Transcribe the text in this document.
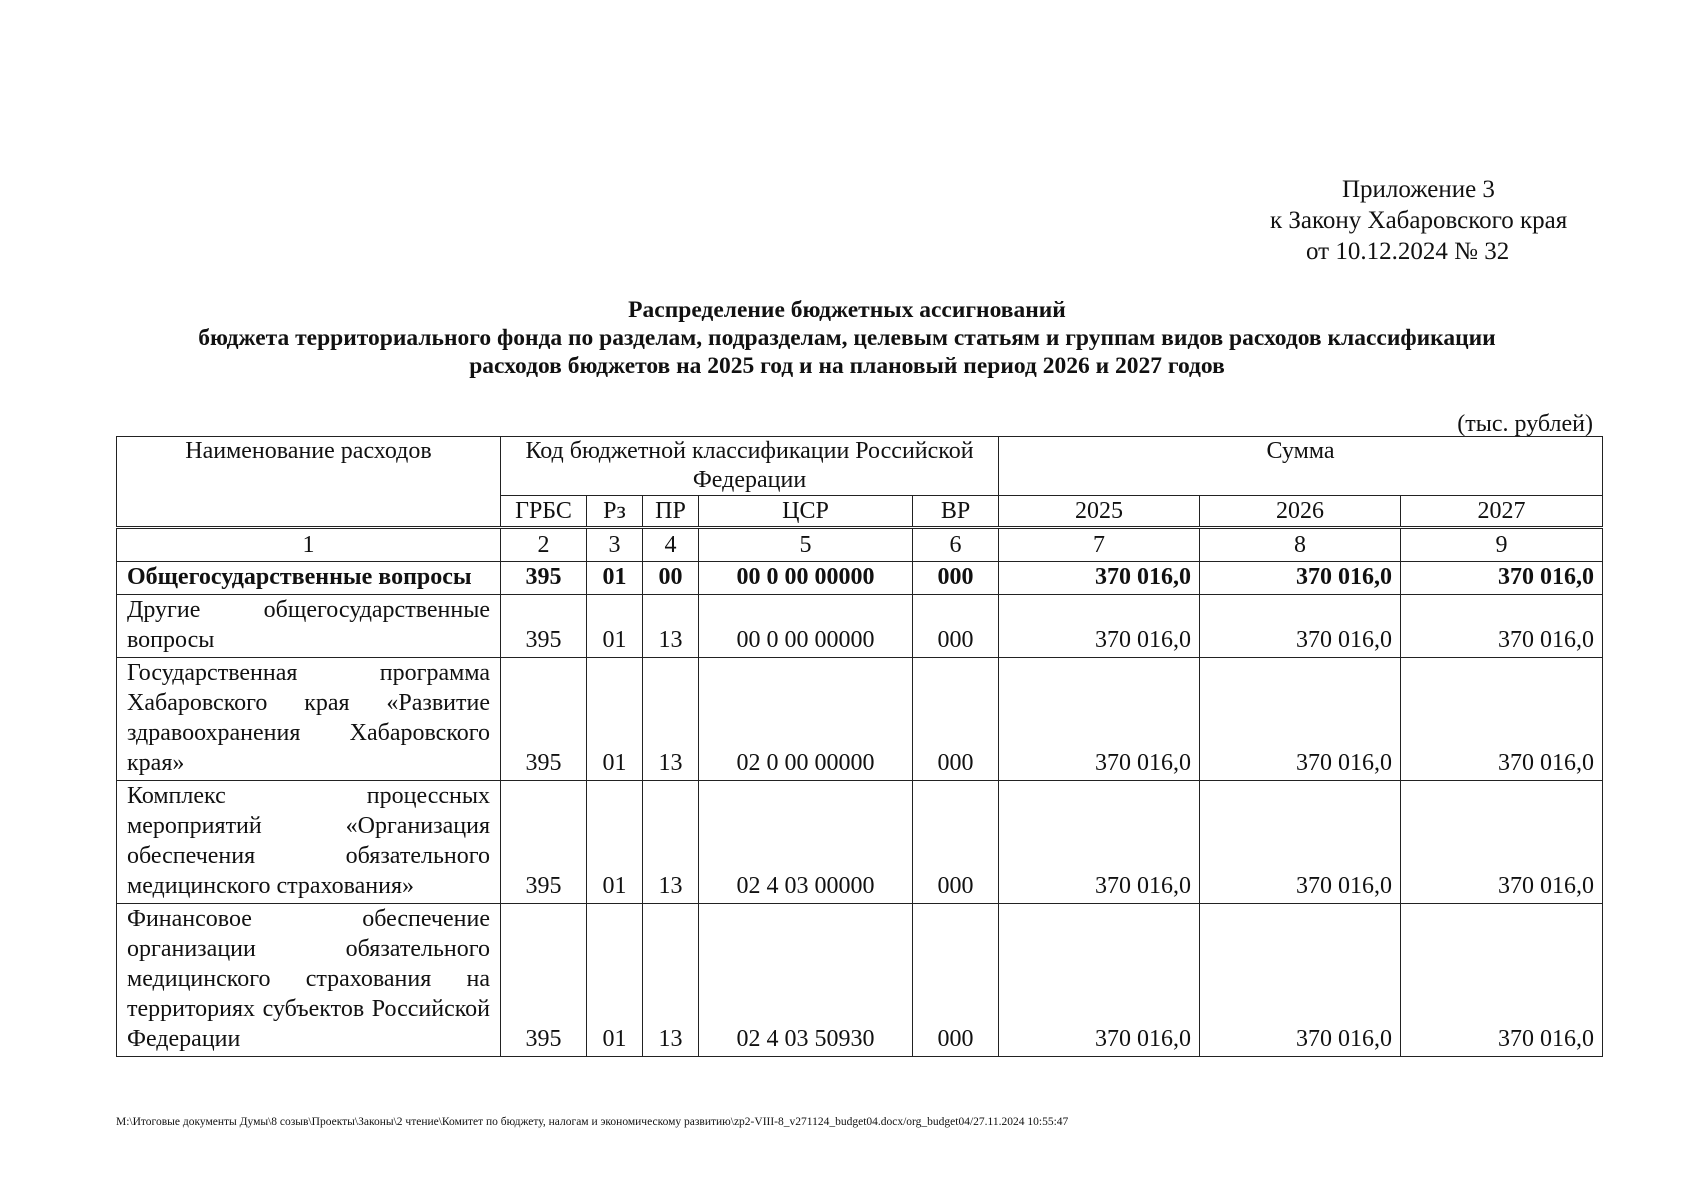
Приложение 3
к Закону Хабаровского края
от 10.12.2024 № 32
Распределение бюджетных ассигнований
бюджета территориального фонда по разделам, подразделам, целевым статьям и группам видов расходов классификации
расходов бюджетов на 2025 год и на плановый период 2026 и 2027 годов
(тыс. рублей)
Наименование расходов	Код бюджетной классификации Российской Федерации					Сумма		
	ГРБС	Рз	ПР	ЦСР	ВР	2025	2026	2027
1	2	3	4	5	6	7	8	9
Общегосударственные вопросы	395	01	00	00 0 00 00000	000	370 016,0	370 016,0	370 016,0
Другие общегосударственные вопросы	395	01	13	00 0 00 00000	000	370 016,0	370 016,0	370 016,0
Государственная программа Хабаровского края «Развитие здравоохранения Хабаровского края»	395	01	13	02 0 00 00000	000	370 016,0	370 016,0	370 016,0
Комплекс процессных мероприятий «Организация обеспечения обязательного медицинского страхования»	395	01	13	02 4 03 00000	000	370 016,0	370 016,0	370 016,0
Финансовое обеспечение организации обязательного медицинского страхования на территориях субъектов Российской Федерации	395	01	13	02 4 03 50930	000	370 016,0	370 016,0	370 016,0
M:\Итоговые документы Думы\8 созыв\Проекты\Законы\2 чтение\Комитет по бюджету, налогам и экономическому развитию\zp2-VIII-8_v271124_budget04.docx/org_budget04/27.11.2024 10:55:47
